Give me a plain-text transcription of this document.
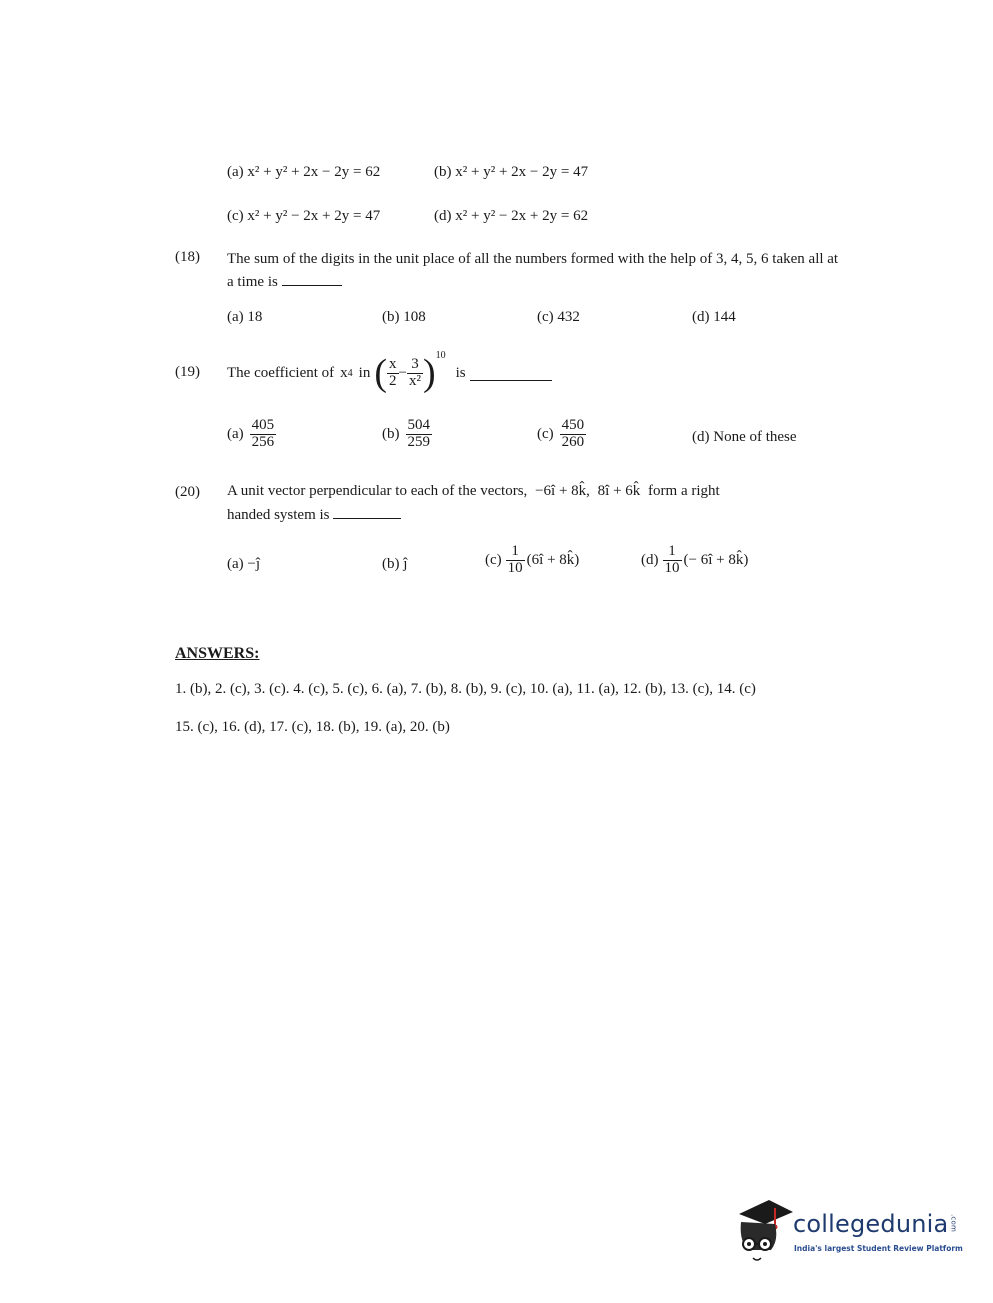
(a) x² + y² + 2x − 2y = 62	(b) x² + y² + 2x − 2y = 47
(c) x² + y² − 2x + 2y = 47	(d) x² + y² − 2x + 2y = 62
(18) The sum of the digits in the unit place of all the numbers formed with the help of 3, 4, 5, 6 taken all at a time is
(a) 18	(b) 108	(c) 432	(d) 144
(19) The coefficient of x 4 in ( $\frac{x}{2} - \frac{3}{\text{x²}} )^{10}$
is
$(a) \frac{405}{256}$	$(b) \frac{504}{259}$	$(c) \frac{450}{260}$	(d) None of these
(20) A unit vector perpendicular to each of the vectors, −6î + 8k̂, 8î + 6k̂ form a right
handed system is
(a) −ĵ	(b) ĵ	$(c) \frac{1}{10}$ (6î + 8k̂)	$(d) \frac{1}{10}$ (− 6î + 8k̂)
ANSWERS:
1. (b), 2. (c), 3. (c). 4. (c), 5. (c), 6. (a), 7. (b), 8. (b), 9. (c), 10. (a), 11. (a), 12. (b), 13. (c), 14. (c)
15. (c), 16. (d), 17. (c), 18. (b), 19. (a), 20. (b)
collegedunia.com
India's largest Student Review Platform
